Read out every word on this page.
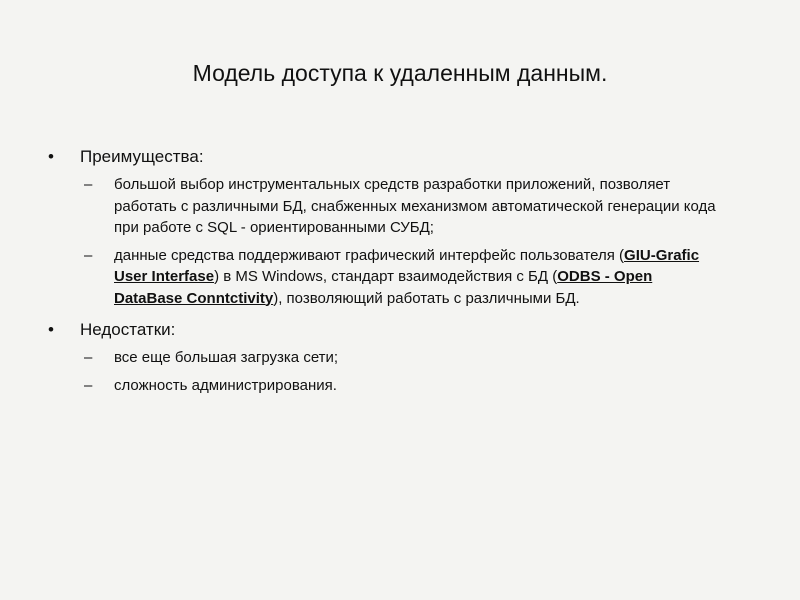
Модель доступа к удаленным данным.
•	Преимущества:
–	большой выбор инструментальных средств разработки приложений, позволяет работать с различными БД, снабженных механизмом автоматической генерации кода при работе с SQL - ориентированными СУБД;
–	данные средства поддерживают графический интерфейс пользователя (GIU-Grafic User Interfase) в MS Windows, стандарт взаимодействия с БД (ODBS - Open DataBase Conntctivity), позволяющий работать с различными БД.
•	Недостатки:
–	все еще большая загрузка сети;
–	сложность администрирования.
